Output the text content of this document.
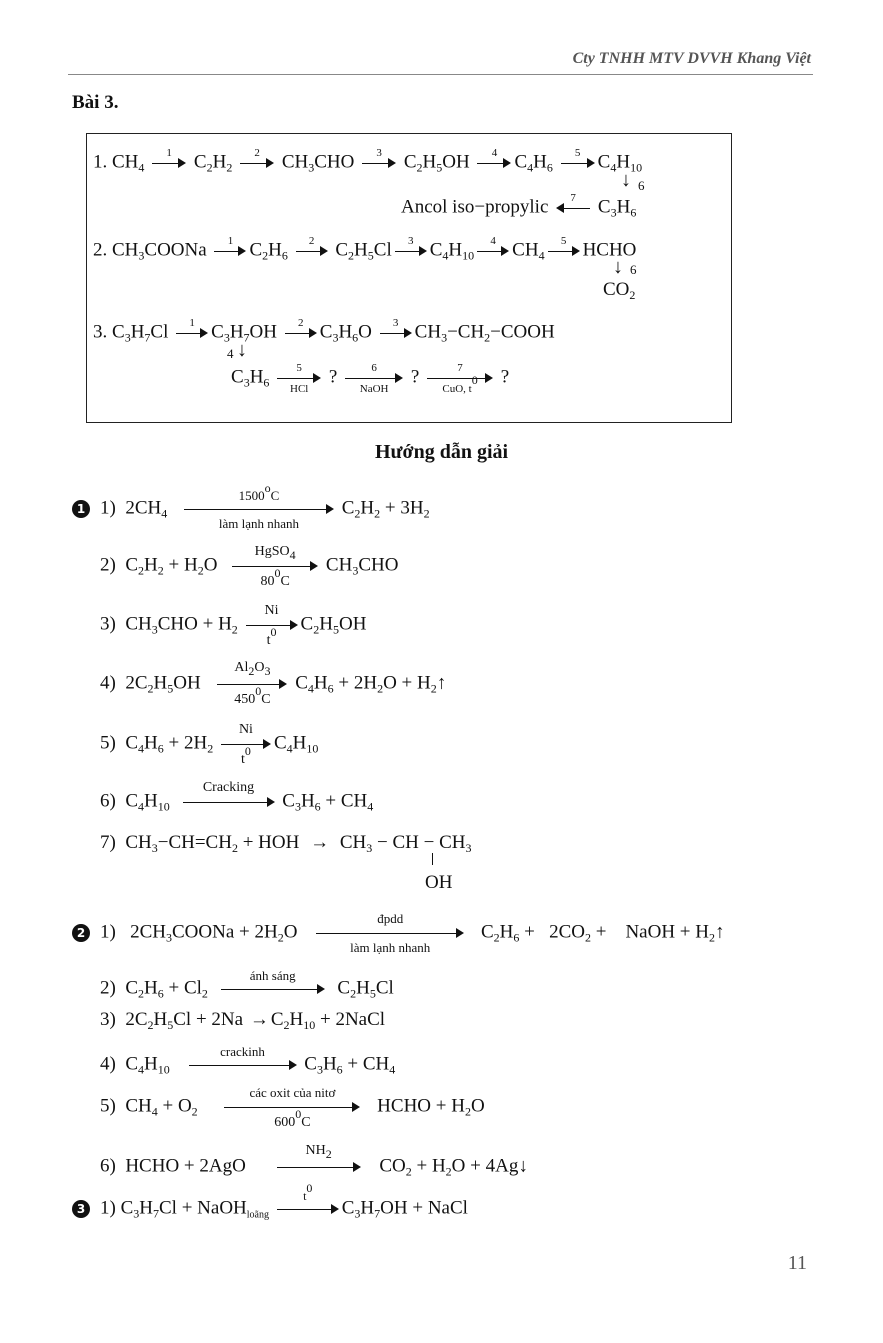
Cty TNHH MTV DVVH Khang Việt
Bài 3.
1. $CH_4$
1	$C_2H_2$
2	$CH_3CHO$	3	$C_2H_5OH$	4 $C_4H_6$
5 $C_4H_{10}$
↓ 6
Ancol iso−propylic	7	$C_3H_6$
2. $CH_3COONa$	1 $C_2H_6$
2	$C_2H_5Cl$	3 $C_4H_{10}$
4 $CH_4$
5 HCHO
↓ 6
$CO_2$
3. $C_3H_7Cl$	1 $C_3H_7OH$	2 $C_3H_6O$	3 $CH_3-CH_2-COOH$
4 ↓
$C_3H_6$
5
HCl
?	6
NaOH
?	7
CuO, $t^0$	?
Hướng dẫn giải
1 1) $2CH_4$
1500$^o$C
làm lạnh nhanh
$C_2H_2 + 3H_2$
2) $C_2H_2 + H_2O$
HgSO$_4$
$80^0C$
$CH_3CHO$
3) $CH_3CHO + H_2 \frac{Ni}{t^0} C_2H_5OH$
4) $2C_2H_5OH \frac{Al_2O_3}{450^0C} C_4H_6 + 2H_2O$ + $H_2↑$
5) $C_4H_6 + 2H_2 \frac{Ni}{t^0} C_4H_{10}$
6) $C_4H_{10}$
Cracking
$C_3H_6 + CH_4$
7) $CH_3-CH=CH_2$ + HOH → $CH_3$ − CH − $CH_3$
OH
2 1) $2CH_3COONa + 2H_2O$
đpdd
làm lạnh nhanh
$C_2H_6 + 2CO_2$ + NaOH + $H_2↑$
2) $C_2H_6 + Cl_2$
ánh sáng
$C_2H_5Cl$
3) $2C_2H_5Cl + 2Na \to C_2H_{10}$ + 2NaCl
4) $C_4H_{10}$
crackinh
$C_3H_6 + CH_4$
5) $CH_4 + O_2$
các oxit của nitơ
$600^0C$
HCHO + $H_2O$
6) HCHO + 2AgO
$NH_2$
$CO_2 + H_2O$ + 4Ag↓
3 1) $C_3H_7Cl$ + NaOH$_{loãng}$
$t^0$
$C_3H_7OH$ + NaCl
11
